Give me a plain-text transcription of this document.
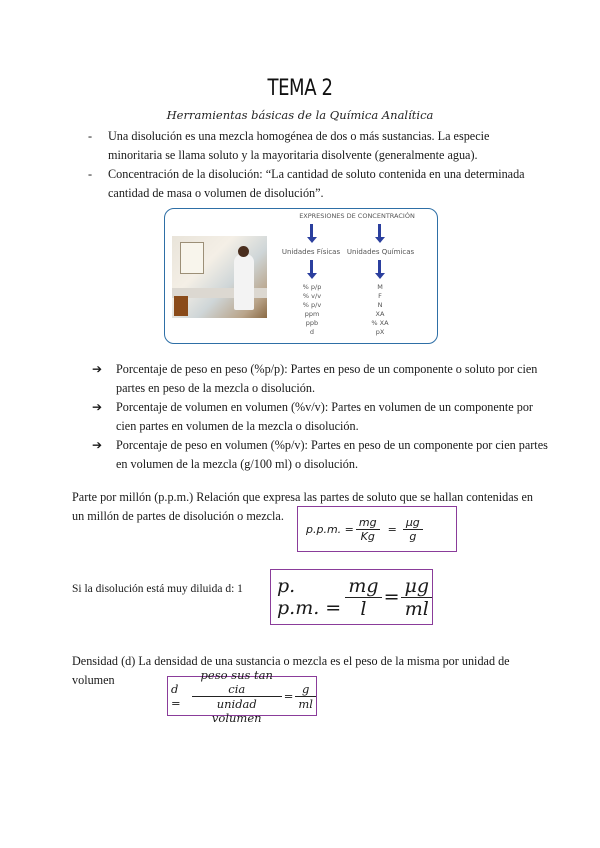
TEMA 2
Herramientas básicas de la Química Analítica
- Una disolución es una mezcla homogénea de dos o más sustancias. La especie
minoritaria se llama soluto y la mayoritaria disolvente (generalmente agua).
- Concentración de la disolución: “La cantidad de soluto contenida en una determinada
cantidad de masa o volumen de disolución”.
EXPRESIONES DE CONCENTRACIÓN
Unidades Físicas Unidades Químicas
% p/p
% v/v
% p/v
ppm
ppb
d
M
F
N
XA
% XA
pX
➔ Porcentaje de peso en peso (%p/p): Partes en peso de un componente o soluto por cien
partes en peso de la mezcla o disolución.
➔ Porcentaje de volumen en volumen (%v/v): Partes en volumen de un componente por
cien partes en volumen de la mezcla o disolución.
➔ Porcentaje de peso en volumen (%p/v): Partes en peso de un componente por cien partes
en volumen de la mezcla (g/100 ml) o disolución.
Parte por millón (p.p.m.) Relación que expresa las partes de soluto que se hallan contenidas en
un millón de partes de disolución o mezcla.
p.p.m. = $\frac{mg}{Kg} = \frac{\mu g}{g}$
Si la disolución está muy diluida d: 1 p. p.m. = $\frac{mg}{l} = \frac{\mu g}{ml}$
Densidad (d) La densidad de una sustancia o mezcla es el peso de la misma por unidad de
volumen
$d = \frac{\text{peso sus tan cia}}{\text{unidad volumen}} = \frac{g}{ml}$
